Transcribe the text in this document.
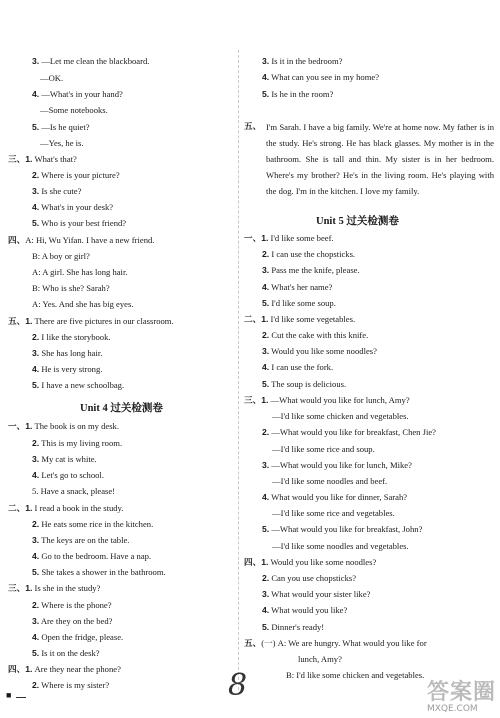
Unit 4 过关检测卷
Unit 5 过关检测卷
五、 I'm Sarah. I have a big family. We're at home now. My father is in the study. He's strong. He has black glasses. My mother is in the bathroom. She is tall and thin. My sister is in her bedroom. Where's my brother? He's in the living room. He's playing with the dog. I'm in the kitchen. I love my family.
8
■	答案圈
MXQE.COM
3. —Let me clean the blackboard.
—OK.
4. —What's in your hand?
—Some notebooks.
5. —Is he quiet?
—Yes, he is.
三、1. What's that?
2. Where is your picture?
3. Is she cute?
4. What's in your desk?
5. Who is your best friend?
四、A: Hi, Wu Yifan. I have a new friend.
B: A boy or girl?
A: A girl. She has long hair.
B: Who is she? Sarah?
A: Yes. And she has big eyes.
五、1. There are five pictures in our classroom.
2. I like the storybook.
3. She has long hair.
4. He is very strong.
5. I have a new schoolbag.
一、1. The book is on my desk.
2. This is my living room.
3. My cat is white.
4. Let's go to school.
5. Have a snack, please!
二、1. I read a book in the study.
2. He eats some rice in the kitchen.
3. The keys are on the table.
4. Go to the bedroom. Have a nap.
5. She takes a shower in the bathroom.
三、1. Is she in the study?
2. Where is the phone?
3. Are they on the bed?
4. Open the fridge, please.
5. Is it on the desk?
四、1. Are they near the phone?
2. Where is my sister?
3. Is it in the bedroom?
4. What can you see in my home?
5. Is he in the room?
一、1. I'd like some beef.
2. I can use the chopsticks.
3. Pass me the knife, please.
4. What's her name?
5. I'd like some soup.
二、1. I'd like some vegetables.
2. Cut the cake with this knife.
3. Would you like some noodles?
4. I can use the fork.
5. The soup is delicious.
三、1. —What would you like for lunch, Amy?
—I'd like some chicken and vegetables.
2. —What would you like for breakfast, Chen Jie?
—I'd like some rice and soup.
3. —What would you like for lunch, Mike?
—I'd like some noodles and beef.
4. What would you like for dinner, Sarah?
—I'd like some rice and vegetables.
5. —What would you like for breakfast, John?
—I'd like some noodles and vegetables.
四、1. Would you like some noodles?
2. Can you use chopsticks?
3. What would your sister like?
4. What would you like?
5. Dinner's ready!
五、(一) A: We are hungry. What would you like for
lunch, Amy?
B: I'd like some chicken and vegetables.
